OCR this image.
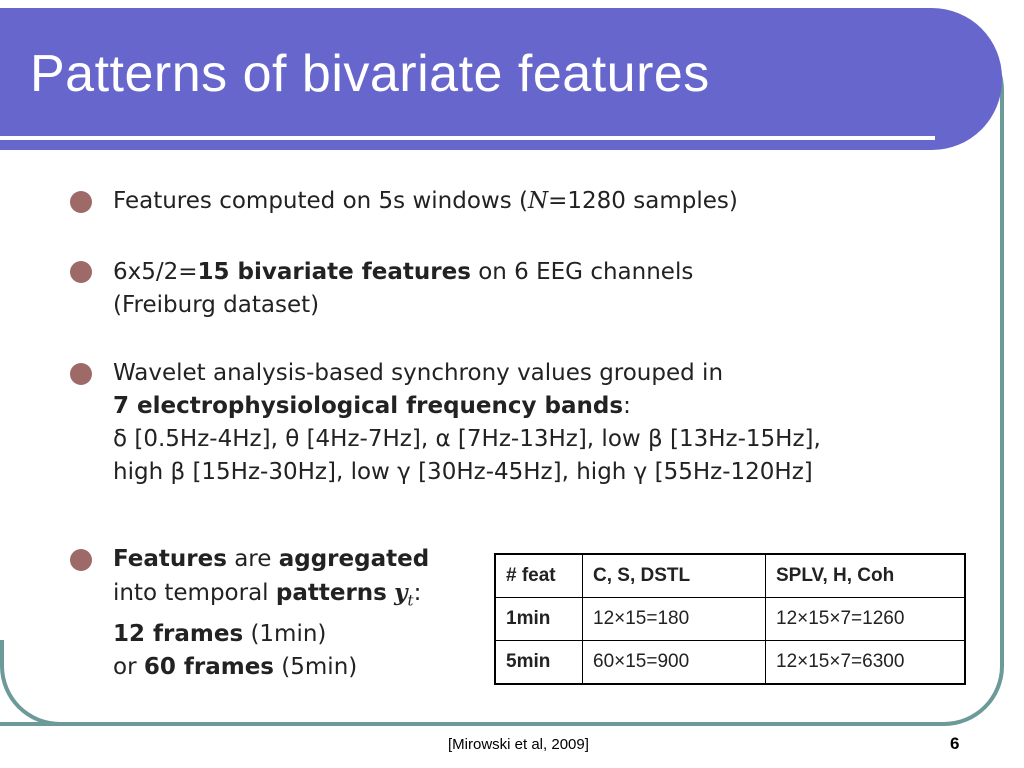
Patterns of bivariate features
Features computed on 5s windows (N=1280 samples)
6x5/2=15 bivariate features on 6 EEG channels
(Freiburg dataset)
Wavelet analysis-based synchrony values grouped in
7 electrophysiological frequency bands:
δ [0.5Hz-4Hz], θ [4Hz-7Hz], α [7Hz-13Hz], low β [13Hz-15Hz],
high β [15Hz-30Hz], low γ [30Hz-45Hz], high γ [55Hz-120Hz]
Features are aggregated
into temporal patterns $y_t$:
12 frames (1min)
or 60 frames (5min)
# feat	C, S, DSTL	SPLV, H, Coh
1min	12×15=180	12×15×7=1260
5min	60×15=900	12×15×7=6300
[Mirowski et al, 2009]	6
